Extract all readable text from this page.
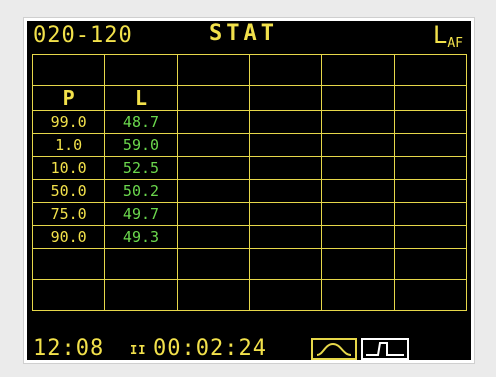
020-120	STAT	$L_{AF}$

P	L				
99.0	48.7				
1.0	59.0				
10.0	52.5				
50.0	50.2				
75.0	49.7				
90.0	49.3				

12:08 II 00:02:24
